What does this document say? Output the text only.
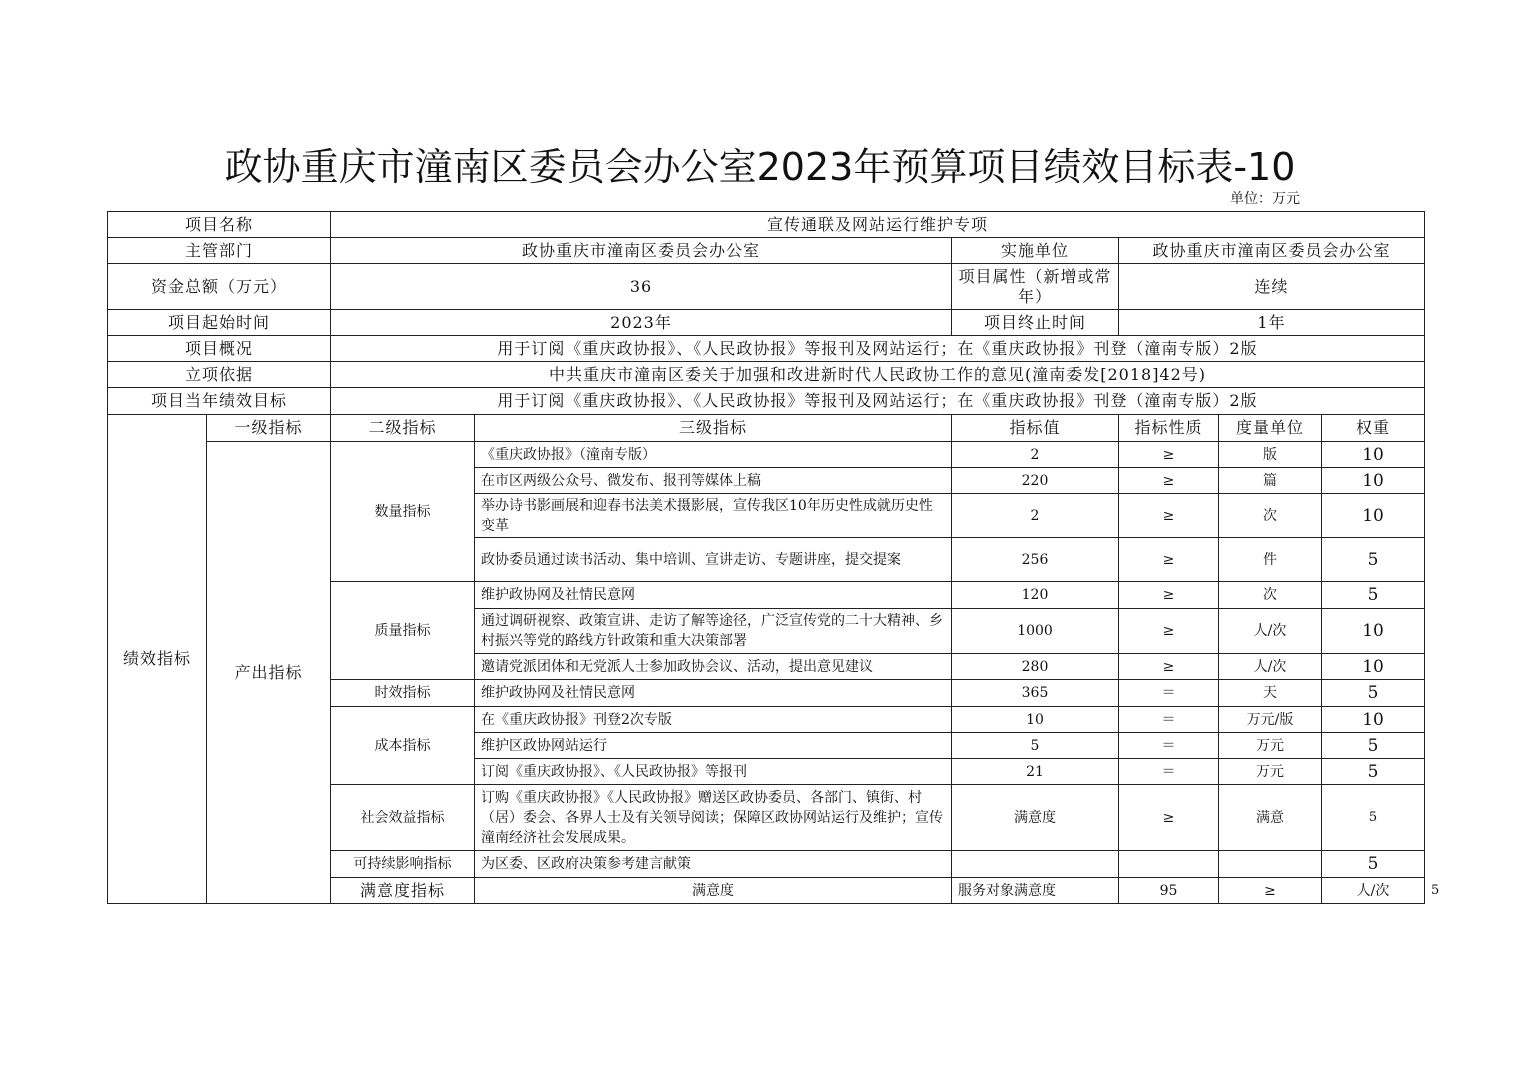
政协重庆市潼南区委员会办公室2023年预算项目绩效目标表-10
单位：万元
项目名称		宣传通联及网站运行维护专项						
主管部门		政协重庆市潼南区委员会办公室		实施单位	政协重庆市潼南区委员会办公室			
资金总额（万元）		36		项目属性（新增或常年）	连续			
项目起始时间		2023年		项目终止时间	1年			
项目概况		用于订阅《重庆政协报》、《人民政协报》等报刊及网站运行；在《重庆政协报》刊登（潼南专版）2版						
立项依据		中共重庆市潼南区委关于加强和改进新时代人民政协工作的意见(潼南委发[2018]42号)						
项目当年绩效目标		用于订阅《重庆政协报》、《人民政协报》等报刊及网站运行；在《重庆政协报》刊登（潼南专版）2版						
绩效指标	一级指标	二级指标	三级指标	指标值	指标性质	度量单位	权重	
	产出指标	数量指标	《重庆政协报》（潼南专版）	2	≥	版	10	
			在市区两级公众号、微发布、报刊等媒体上稿	220	≥	篇	10	
			举办诗书影画展和迎春书法美术摄影展，宣传我区10年历史性成就历史性变革	2	≥	次	10	
			政协委员通过读书活动、集中培训、宣讲走访、专题讲座，提交提案	256	≥	件	5	
		质量指标	维护政协网及社情民意网	120	≥	次	5	
			通过调研视察、政策宣讲、走访了解等途径，广泛宣传党的二十大精神、乡村振兴等党的路线方针政策和重大决策部署	1000	≥	人/次	10	
			邀请党派团体和无党派人士参加政协会议、活动，提出意见建议	280	≥	人/次	10	
		时效指标	维护政协网及社情民意网	365	＝	天	5	
		成本指标	在《重庆政协报》刊登2次专版	10	＝	万元/版	10	
			维护区政协网站运行	5	＝	万元	5	
			订阅《重庆政协报》、《人民政协报》等报刊	21	＝	万元	5	
		社会效益指标	订购《重庆政协报》《人民政协报》赠送区政协委员、各部门、镇街、村（居）委会、各界人士及有关领导阅读；保障区政协网站运行及维护；宣传潼南经济社会发展成果。	满意度	≥	满意	5	
		可持续影响指标	为区委、区政府决策参考建言献策				5	
		满意度指标	满意度	服务对象满意度	95	≥	人/次	5
